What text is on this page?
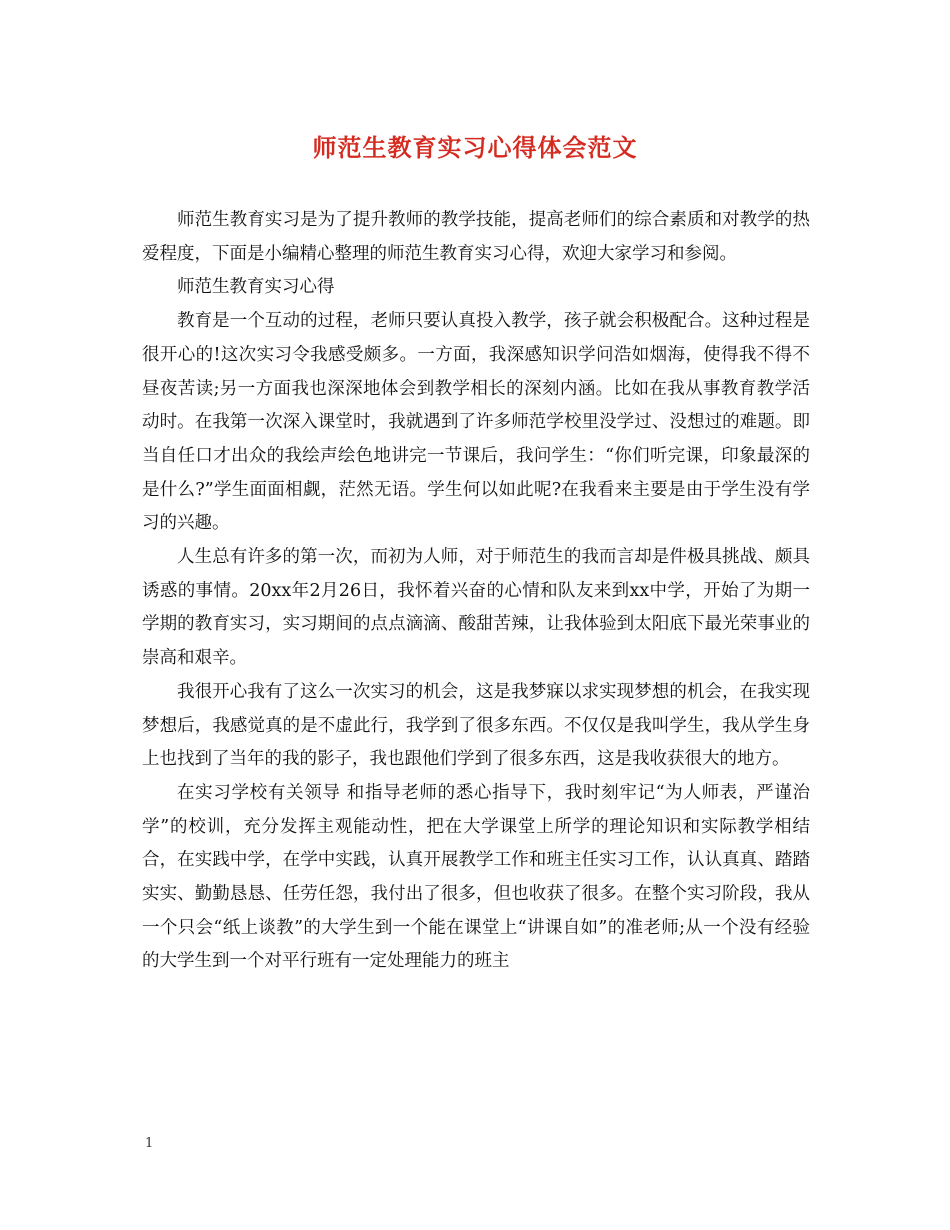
师范生教育实习心得体会范文

师范生教育实习是为了提升教师的教学技能，提高老师们的综合素质和对教学的热爱程度，下面是小编精心整理的师范生教育实习心得，欢迎大家学习和参阅。

师范生教育实习心得

教育是一个互动的过程，老师只要认真投入教学，孩子就会积极配合。这种过程是很开心的!这次实习令我感受颇多。一方面，我深感知识学问浩如烟海，使得我不得不昼夜苦读;另一方面我也深深地体会到教学相长的深刻内涵。比如在我从事教育教学活动时。在我第一次深入课堂时，我就遇到了许多师范学校里没学过、没想过的难题。即当自任口才出众的我绘声绘色地讲完一节课后，我问学生：“你们听完课，印象最深的是什么?”学生面面相觑，茫然无语。学生何以如此呢?在我看来主要是由于学生没有学习的兴趣。

人生总有许多的第一次，而初为人师，对于师范生的我而言却是件极具挑战、颇具诱惑的事情。20xx年2月26日，我怀着兴奋的心情和队友来到xx中学，开始了为期一学期的教育实习，实习期间的点点滴滴、酸甜苦辣，让我体验到太阳底下最光荣事业的崇高和艰辛。

我很开心我有了这么一次实习的机会，这是我梦寐以求实现梦想的机会，在我实现梦想后，我感觉真的是不虚此行，我学到了很多东西。不仅仅是我叫学生，我从学生身上也找到了当年的我的影子，我也跟他们学到了很多东西，这是我收获很大的地方。

在实习学校有关领导 和指导老师的悉心指导下，我时刻牢记“为人师表，严谨治学”的校训，充分发挥主观能动性，把在大学课堂上所学的理论知识和实际教学相结合，在实践中学，在学中实践，认真开展教学工作和班主任实习工作，认认真真、踏踏实实、勤勤恳恳、任劳任怨，我付出了很多，但也收获了很多。在整个实习阶段，我从一个只会“纸上谈教”的大学生到一个能在课堂上“讲课自如”的准老师;从一个没有经验的大学生到一个对平行班有一定处理能力的班主

1
